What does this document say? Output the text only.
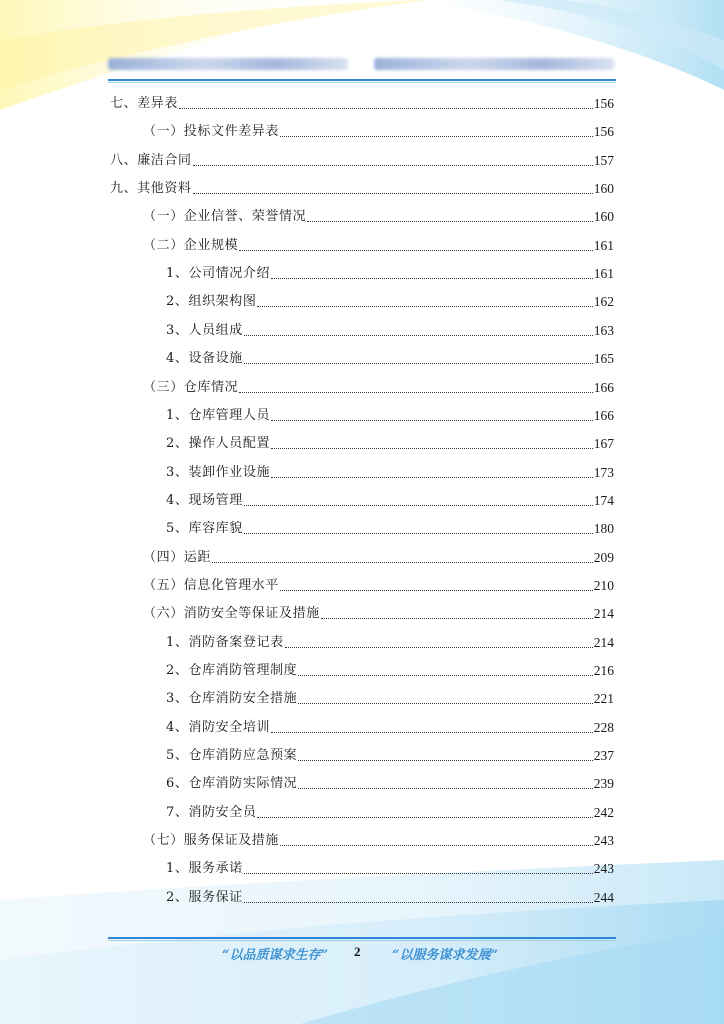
七、差异表	156
（一）投标文件差异表	156
八、廉洁合同	157
九、其他资料	160
（一）企业信誉、荣誉情况	160
（二）企业规模	161
1、公司情况介绍	161
2、组织架构图	162
3、人员组成	163
4、设备设施	165
（三）仓库情况	166
1、仓库管理人员	166
2、操作人员配置	167
3、装卸作业设施	173
4、现场管理	174
5、库容库貌	180
（四）运距	209
（五）信息化管理水平	210
（六）消防安全等保证及措施	214
1、消防备案登记表	214
2、仓库消防管理制度	216
3、仓库消防安全措施	221
4、消防安全培训	228
5、仓库消防应急预案	237
6、仓库消防实际情况	239
7、消防安全员	242
（七）服务保证及措施	243
1、服务承诺	243
2、服务保证	244
“以品质谋求生存” 2 “以服务谋求发展”
